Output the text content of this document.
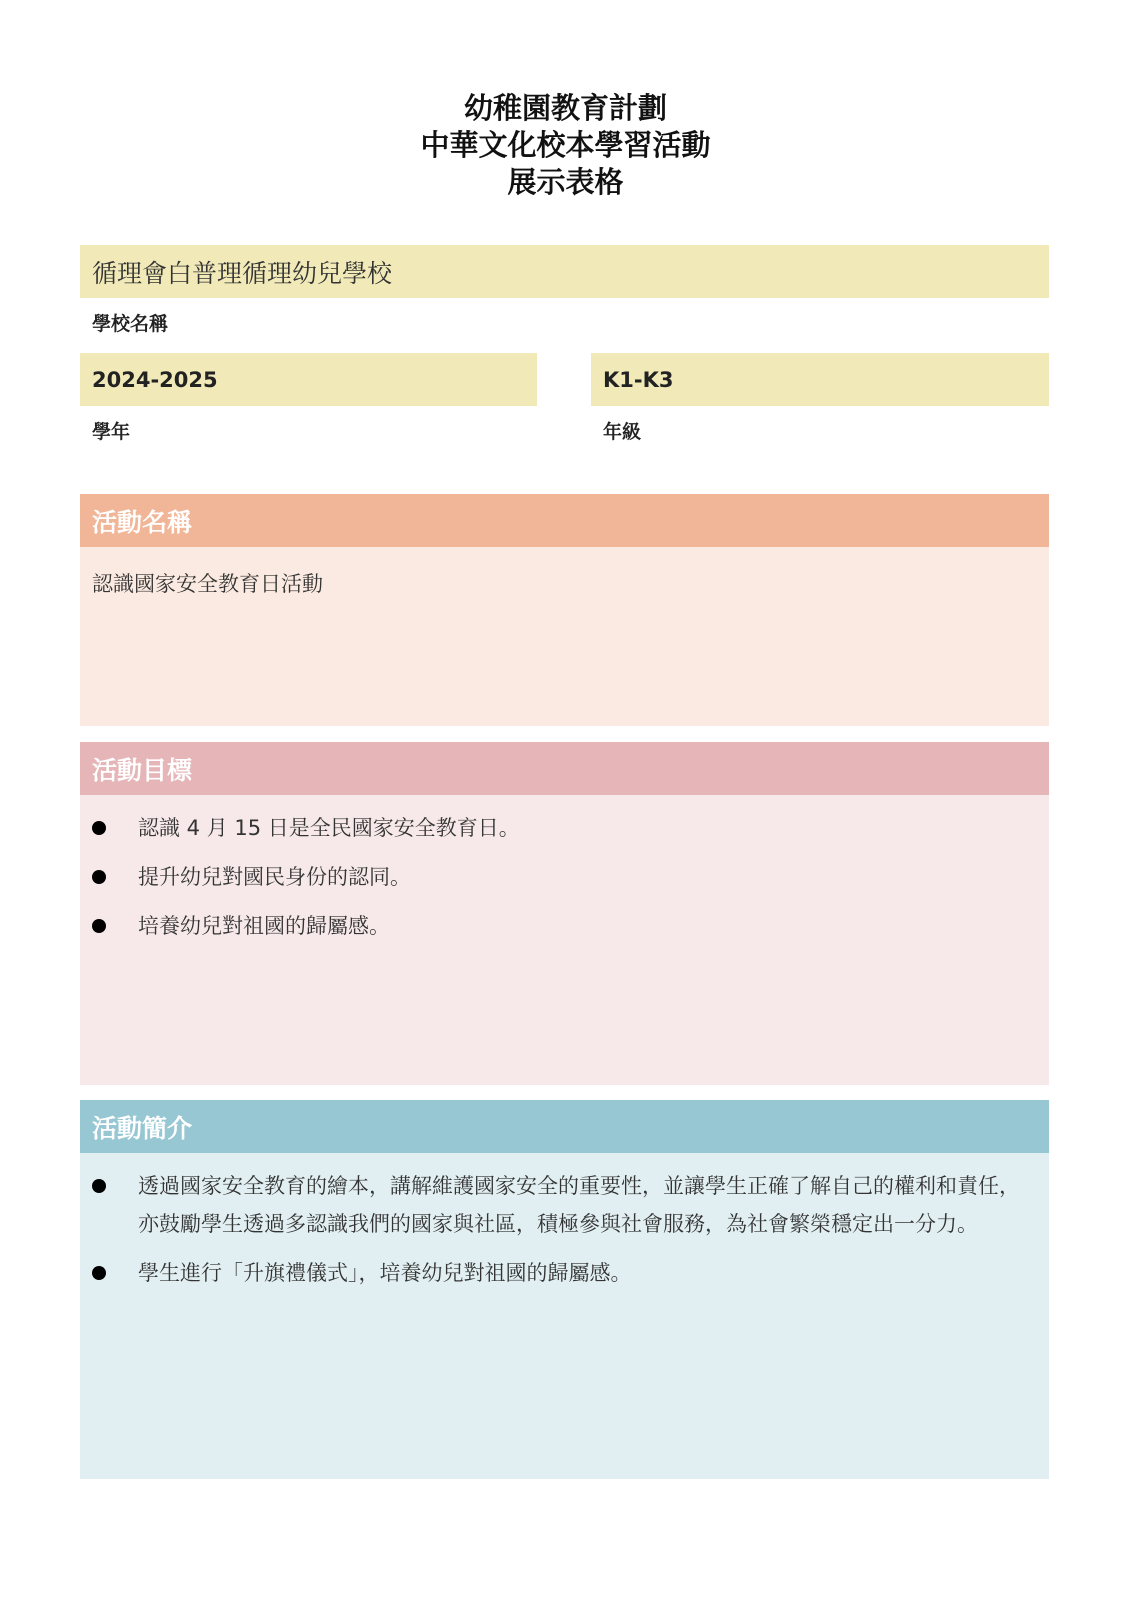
幼稚園教育計劃
中華文化校本學習活動
展示表格
循理會白普理循理幼兒學校
學校名稱
2024-2025
學年
K1-K3
年級
活動名稱
認識國家安全教育日活動
活動目標
認識 4 月 15 日是全民國家安全教育日。
提升幼兒對國民身份的認同。
培養幼兒對祖國的歸屬感。
活動簡介
透過國家安全教育的繪本，講解維護國家安全的重要性，並讓學生正確了解自己的權利和責任，亦鼓勵學生透過多認識我們的國家與社區，積極參與社會服務，為社會繁榮穩定出一分力。
學生進行「升旗禮儀式」，培養幼兒對祖國的歸屬感。
